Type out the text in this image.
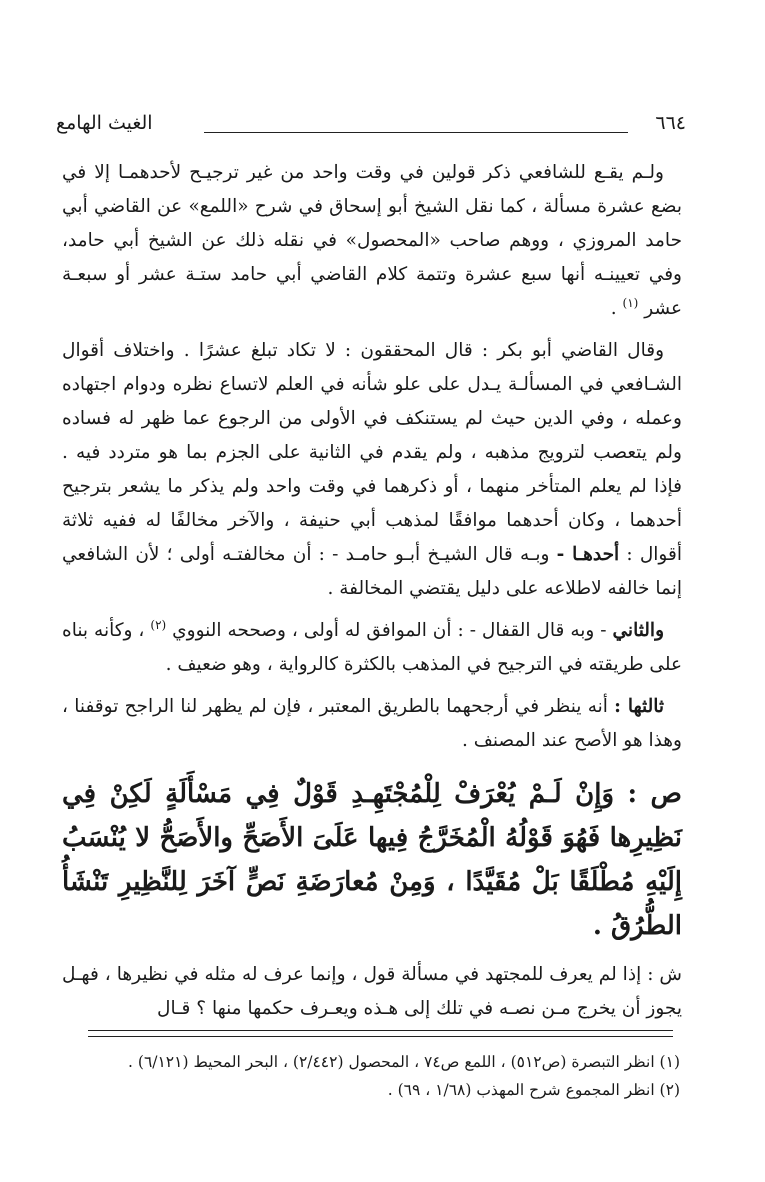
٦٦٤
الغيث الهامع

ولـم يقـع للشافعي ذكر قولين في وقت واحد من غير ترجيـح لأحدهمـا إلا في بضع عشرة مسألة ، كما نقل الشيخ أبو إسحاق في شرح «اللمع» عن القاضي أبي حامد المروزي ، ووهم صاحب «المحصول» في نقله ذلك عن الشيخ أبي حامد، وفي تعيينـه أنها سبع عشرة وتتمة كلام القاضي أبي حامد ستـة عشر أو سبعـة عشر $^{(١)}$ .

وقال القاضي أبو بكر : قال المحققون : لا تكاد تبلغ عشرًا . واختلاف أقوال الشـافعي في المسألـة يـدل على علو شأنه في العلم لاتساع نظره ودوام اجتهاده وعمله ، وفي الدين حيث لم يستنكف في الأولى من الرجوع عما ظهر له فساده ولم يتعصب لترويج مذهبه ، ولم يقدم في الثانية على الجزم بما هو متردد فيه . فإذا لم يعلم المتأخر منهما ، أو ذكرهما في وقت واحد ولم يذكر ما يشعر بترجيح أحدهما ، وكان أحدهما موافقًا لمذهب أبي حنيفة ، والآخر مخالفًا له ففيه ثلاثة أقوال : أحدهـا - وبـه قال الشيـخ أبـو حامـد - : أن مخالفتـه أولى ؛ لأن الشافعي إنما خالفه لاطلاعه على دليل يقتضي المخالفة .

والثاني - وبه قال القفال - : أن الموافق له أولى ، وصححه النووي $^{(٢)}$ ، وكأنه بناه على طريقته في الترجيح في المذهب بالكثرة كالرواية ، وهو ضعيف .

ثالثها : أنه ينظر في أرجحهما بالطريق المعتبر ، فإن لم يظهر لنا الراجح توقفنا ، وهذا هو الأصح عند المصنف .

ص : وَإِنْ لَـمْ يُعْرَفْ لِلْمُجْتَهِـدِ قَوْلٌ فِي مَسْأَلَةٍ لَكِنْ فِي نَظِيرِها فَهُوَ قَوْلُهُ الْمُخَرَّجُ فِيها عَلَىَ الأَصَحِّ والأَصَحُّ لا يُنْسَبُ إِلَيْهِ مُطْلَقًا بَلْ مُقَيَّدًا ، وَمِنْ مُعارَضَةِ نَصٍّ آخَرَ لِلنَّظِيرِ تَنْشَأُ الطُّرُقُ .

ش : إذا لم يعرف للمجتهد في مسألة قول ، وإنما عرف له مثله في نظيرها ، فهـل يجوز أن يخرج مـن نصـه في تلك إلى هـذه ويعـرف حكمها منها ؟ قـال

(١) انظر التبصرة (ص٥١٢) ، اللمع ص٧٤ ، المحصول (٢/٤٤٢) ، البحر المحيط (٦/١٢١) .

(٢) انظر المجموع شرح المهذب (١/٦٨ ، ٦٩) .
